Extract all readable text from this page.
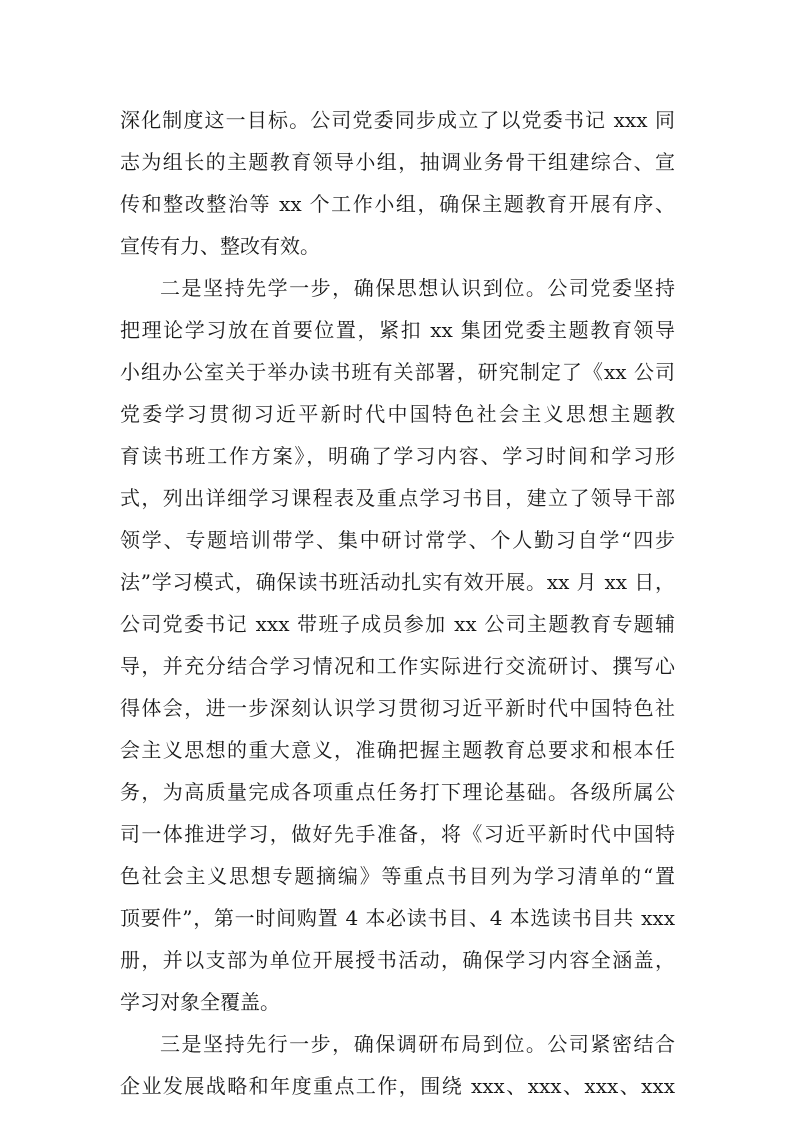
深化制度这一目标。公司党委同步成立了以党委书记 xxx 同
志为组长的主题教育领导小组，抽调业务骨干组建综合、宣
传和整改整治等 xx 个工作小组，确保主题教育开展有序、
宣传有力、整改有效。
二是坚持先学一步，确保思想认识到位。公司党委坚持
把理论学习放在首要位置，紧扣 xx 集团党委主题教育领导
小组办公室关于举办读书班有关部署，研究制定了《xx 公司
党委学习贯彻习近平新时代中国特色社会主义思想主题教
育读书班工作方案》，明确了学习内容、学习时间和学习形
式，列出详细学习课程表及重点学习书目，建立了领导干部
领学、专题培训带学、集中研讨常学、个人勤习自学“四步
法”学习模式，确保读书班活动扎实有效开展。xx 月 xx 日，
公司党委书记 xxx 带班子成员参加 xx 公司主题教育专题辅
导，并充分结合学习情况和工作实际进行交流研讨、撰写心
得体会，进一步深刻认识学习贯彻习近平新时代中国特色社
会主义思想的重大意义，准确把握主题教育总要求和根本任
务，为高质量完成各项重点任务打下理论基础。各级所属公
司一体推进学习，做好先手准备，将《习近平新时代中国特
色社会主义思想专题摘编》等重点书目列为学习清单的“置
顶要件”，第一时间购置 4 本必读书目、4 本选读书目共 xxx
册，并以支部为单位开展授书活动，确保学习内容全涵盖，
学习对象全覆盖。
三是坚持先行一步，确保调研布局到位。公司紧密结合
企业发展战略和年度重点工作，围绕 xxx、xxx、xxx、xxx
